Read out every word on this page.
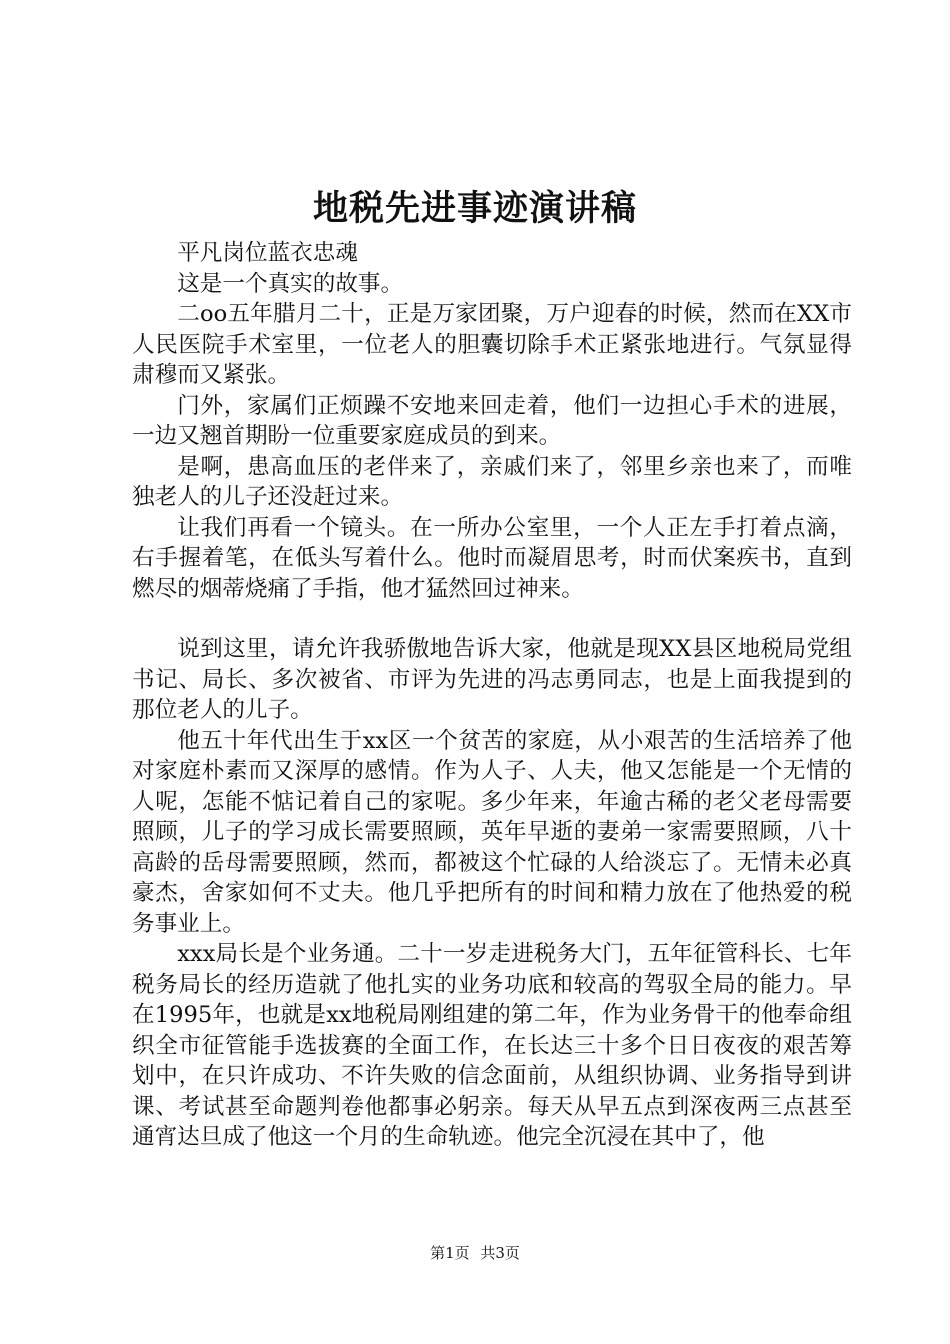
地税先进事迹演讲稿

平凡岗位蓝衣忠魂

这是一个真实的故事。

二oo五年腊月二十，正是万家团聚，万户迎春的时候，然而在XX市人民医院手术室里，一位老人的胆囊切除手术正紧张地进行。气氛显得肃穆而又紧张。

门外，家属们正烦躁不安地来回走着，他们一边担心手术的进展，一边又翘首期盼一位重要家庭成员的到来。

是啊，患高血压的老伴来了，亲戚们来了，邻里乡亲也来了，而唯独老人的儿子还没赶过来。

让我们再看一个镜头。在一所办公室里，一个人正左手打着点滴，右手握着笔，在低头写着什么。他时而凝眉思考，时而伏案疾书，直到燃尽的烟蒂烧痛了手指，他才猛然回过神来。

说到这里，请允许我骄傲地告诉大家，他就是现XX县区地税局党组书记、局长、多次被省、市评为先进的冯志勇同志，也是上面我提到的那位老人的儿子。

他五十年代出生于xx区一个贫苦的家庭，从小艰苦的生活培养了他对家庭朴素而又深厚的感情。作为人子、人夫，他又怎能是一个无情的人呢，怎能不惦记着自己的家呢。多少年来，年逾古稀的老父老母需要照顾，儿子的学习成长需要照顾，英年早逝的妻弟一家需要照顾，八十高龄的岳母需要照顾，然而，都被这个忙碌的人给淡忘了。无情未必真豪杰，舍家如何不丈夫。他几乎把所有的时间和精力放在了他热爱的税务事业上。

xxx局长是个业务通。二十一岁走进税务大门，五年征管科长、七年税务局长的经历造就了他扎实的业务功底和较高的驾驭全局的能力。早在1995年，也就是xx地税局刚组建的第二年，作为业务骨干的他奉命组织全市征管能手选拔赛的全面工作，在长达三十多个日日夜夜的艰苦筹划中，在只许成功、不许失败的信念面前，从组织协调、业务指导到讲课、考试甚至命题判卷他都事必躬亲。每天从早五点到深夜两三点甚至通宵达旦成了他这一个月的生命轨迹。他完全沉浸在其中了，他

第1页 共3页
